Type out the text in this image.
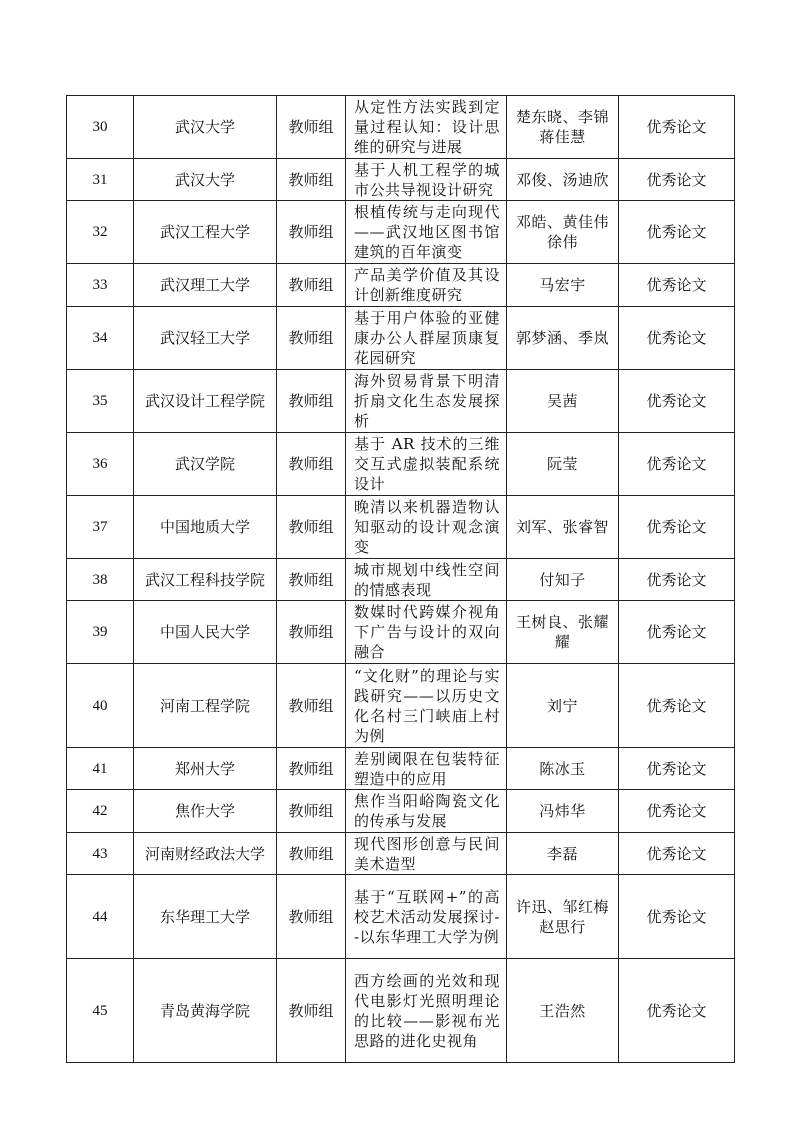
30	武汉大学	教师组	从定性方法实践到定量过程认知：设计思维的研究与进展	楚东晓、李锦蒋佳慧	优秀论文
31	武汉大学	教师组	基于人机工程学的城市公共导视设计研究	邓俊、汤迪欣	优秀论文
32	武汉工程大学	教师组	根植传统与走向现代——武汉地区图书馆建筑的百年演变	邓皓、黄佳伟徐伟	优秀论文
33	武汉理工大学	教师组	产品美学价值及其设计创新维度研究	马宏宇	优秀论文
34	武汉轻工大学	教师组	基于用户体验的亚健康办公人群屋顶康复花园研究	郭梦涵、季岚	优秀论文
35	武汉设计工程学院	教师组	海外贸易背景下明清折扇文化生态发展探析	吴茜	优秀论文
36	武汉学院	教师组	基于 AR 技术的三维交互式虚拟装配系统设计	阮莹	优秀论文
37	中国地质大学	教师组	晚清以来机器造物认知驱动的设计观念演变	刘军、张睿智	优秀论文
38	武汉工程科技学院	教师组	城市规划中线性空间的情感表现	付知子	优秀论文
39	中国人民大学	教师组	数媒时代跨媒介视角下广告与设计的双向融合	王树良、张耀耀	优秀论文
40	河南工程学院	教师组	“文化财”的理论与实践研究——以历史文化名村三门峡庙上村为例	刘宁	优秀论文
41	郑州大学	教师组	差别阈限在包装特征塑造中的应用	陈冰玉	优秀论文
42	焦作大学	教师组	焦作当阳峪陶瓷文化的传承与发展	冯炜华	优秀论文
43	河南财经政法大学	教师组	现代图形创意与民间美术造型	李磊	优秀论文
44	东华理工大学	教师组	基于“互联网+”的高校艺术活动发展探讨--以东华理工大学为例	许迅、邹红梅赵思行	优秀论文
45	青岛黄海学院	教师组	西方绘画的光效和现代电影灯光照明理论的比较——影视布光思路的进化史视角	王浩然	优秀论文
